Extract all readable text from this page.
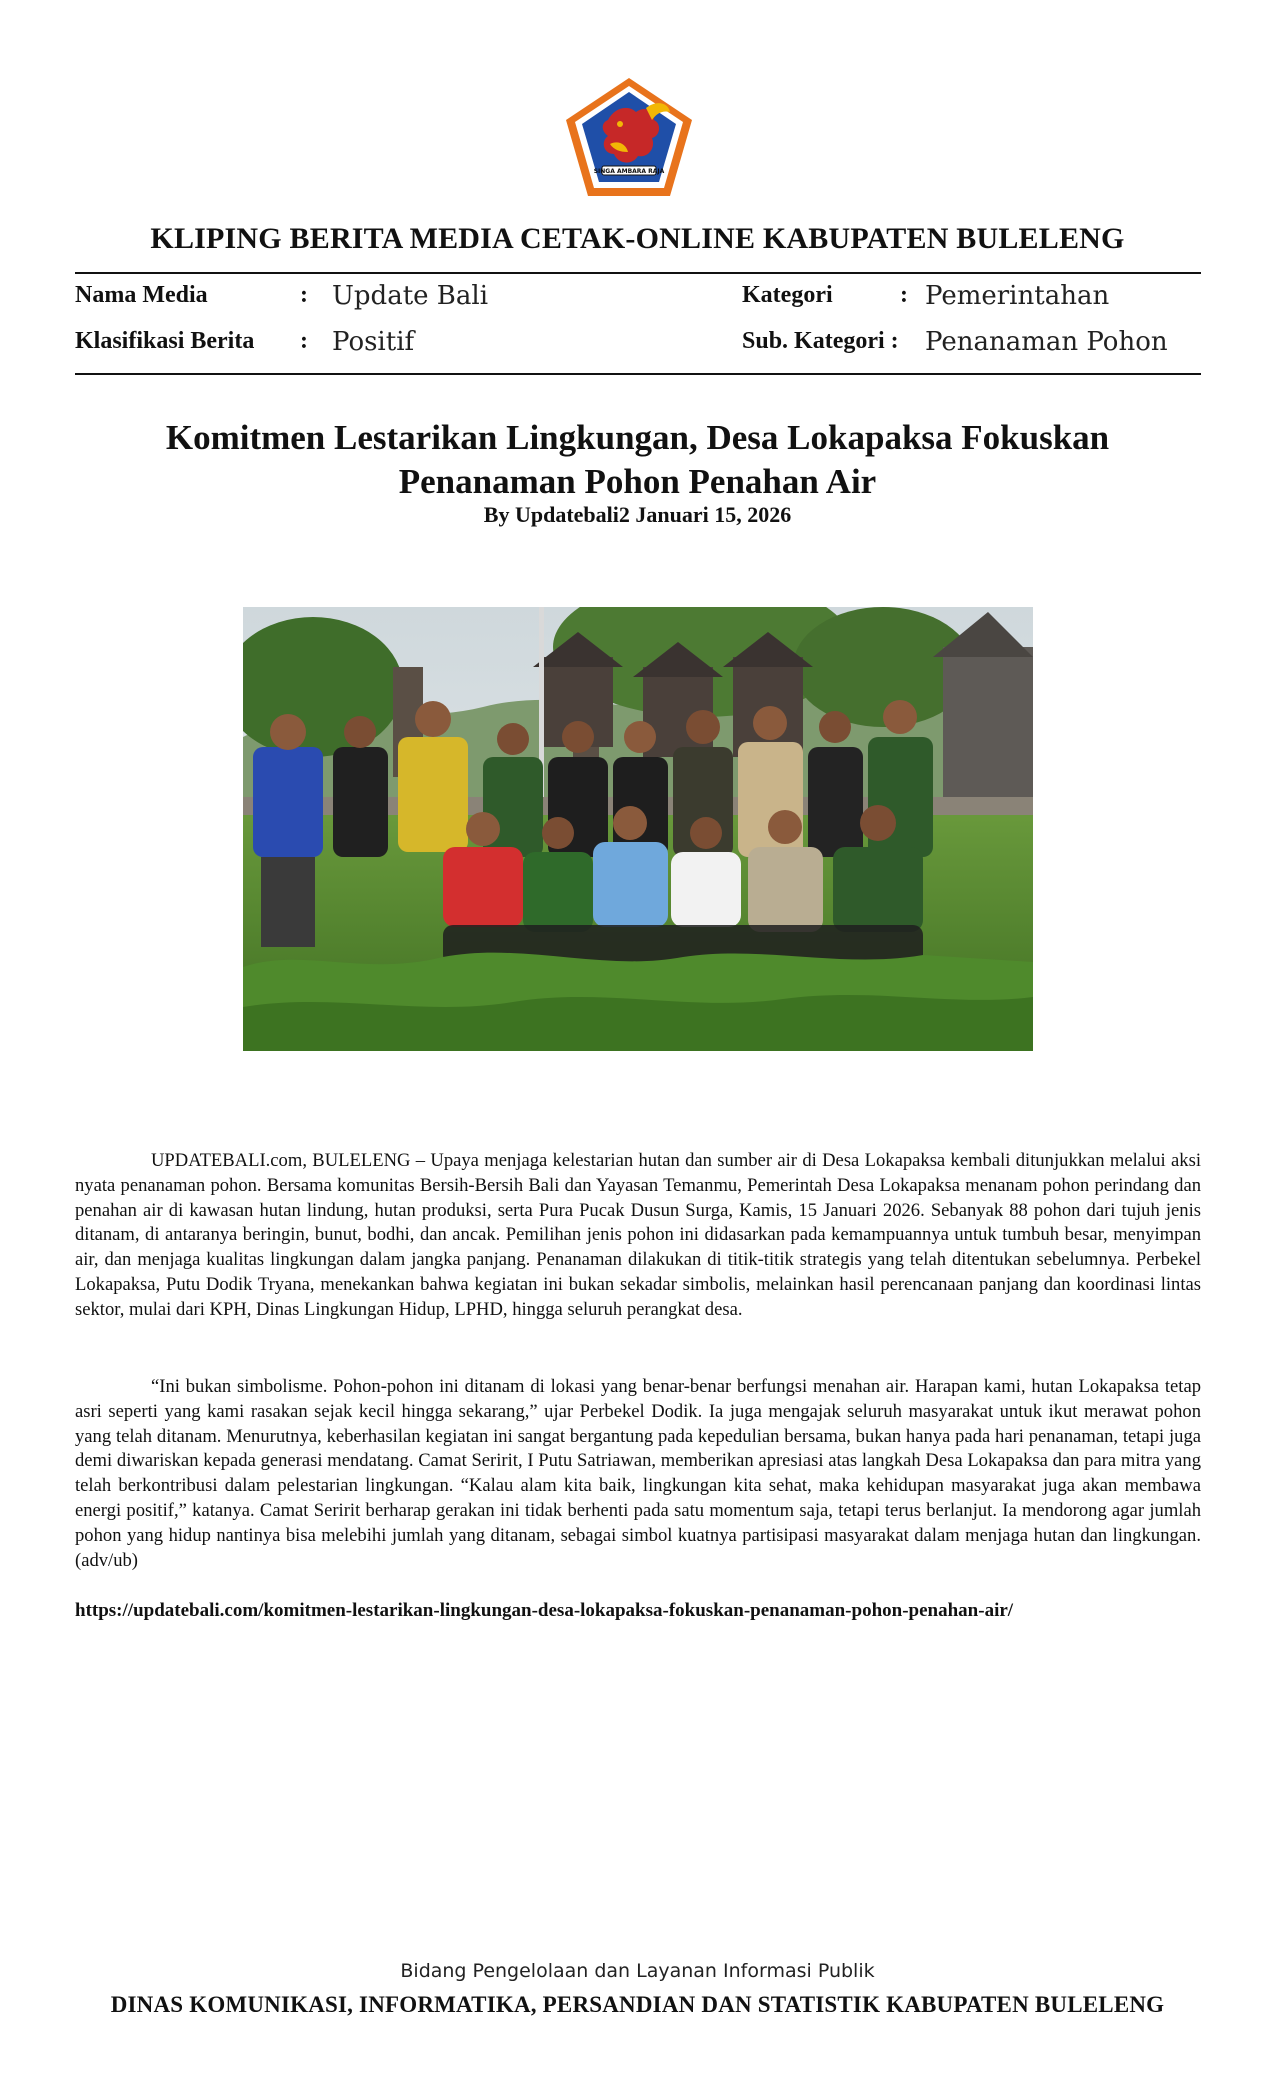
SINGA AMBARA RAJA
KLIPING BERITA MEDIA CETAK-ONLINE KABUPATEN BULELENG
Nama Media	: Update Bali	Kategori	: Pemerintahan
Klasifikasi Berita : Positif	Sub. Kategori : Penanaman Pohon
Komitmen Lestarikan Lingkungan, Desa Lokapaksa Fokuskan Penanaman Pohon Penahan Air
By Updatebali2 Januari 15, 2026
UPDATEBALI.com, BULELENG – Upaya menjaga kelestarian hutan dan sumber air di Desa Lokapaksa kembali ditunjukkan melalui aksi nyata penanaman pohon. Bersama komunitas Bersih-Bersih Bali dan Yayasan Temanmu, Pemerintah Desa Lokapaksa menanam pohon perindang dan penahan air di kawasan hutan lindung, hutan produksi, serta Pura Pucak Dusun Surga, Kamis, 15 Januari 2026. Sebanyak 88 pohon dari tujuh jenis ditanam, di antaranya beringin, bunut, bodhi, dan ancak. Pemilihan jenis pohon ini didasarkan pada kemampuannya untuk tumbuh besar, menyimpan air, dan menjaga kualitas lingkungan dalam jangka panjang. Penanaman dilakukan di titik-titik strategis yang telah ditentukan sebelumnya. Perbekel Lokapaksa, Putu Dodik Tryana, menekankan bahwa kegiatan ini bukan sekadar simbolis, melainkan hasil perencanaan panjang dan koordinasi lintas sektor, mulai dari KPH, Dinas Lingkungan Hidup, LPHD, hingga seluruh perangkat desa.
“Ini bukan simbolisme. Pohon-pohon ini ditanam di lokasi yang benar-benar berfungsi menahan air. Harapan kami, hutan Lokapaksa tetap asri seperti yang kami rasakan sejak kecil hingga sekarang,” ujar Perbekel Dodik. Ia juga mengajak seluruh masyarakat untuk ikut merawat pohon yang telah ditanam. Menurutnya, keberhasilan kegiatan ini sangat bergantung pada kepedulian bersama, bukan hanya pada hari penanaman, tetapi juga demi diwariskan kepada generasi mendatang. Camat Seririt, I Putu Satriawan, memberikan apresiasi atas langkah Desa Lokapaksa dan para mitra yang telah berkontribusi dalam pelestarian lingkungan. “Kalau alam kita baik, lingkungan kita sehat, maka kehidupan masyarakat juga akan membawa energi positif,” katanya. Camat Seririt berharap gerakan ini tidak berhenti pada satu momentum saja, tetapi terus berlanjut. Ia mendorong agar jumlah pohon yang hidup nantinya bisa melebihi jumlah yang ditanam, sebagai simbol kuatnya partisipasi masyarakat dalam menjaga hutan dan lingkungan.(adv/ub)
https://updatebali.com/komitmen-lestarikan-lingkungan-desa-lokapaksa-fokuskan-penanaman-pohon-penahan-air/
Bidang Pengelolaan dan Layanan Informasi Publik
DINAS KOMUNIKASI, INFORMATIKA, PERSANDIAN DAN STATISTIK KABUPATEN BULELENG
